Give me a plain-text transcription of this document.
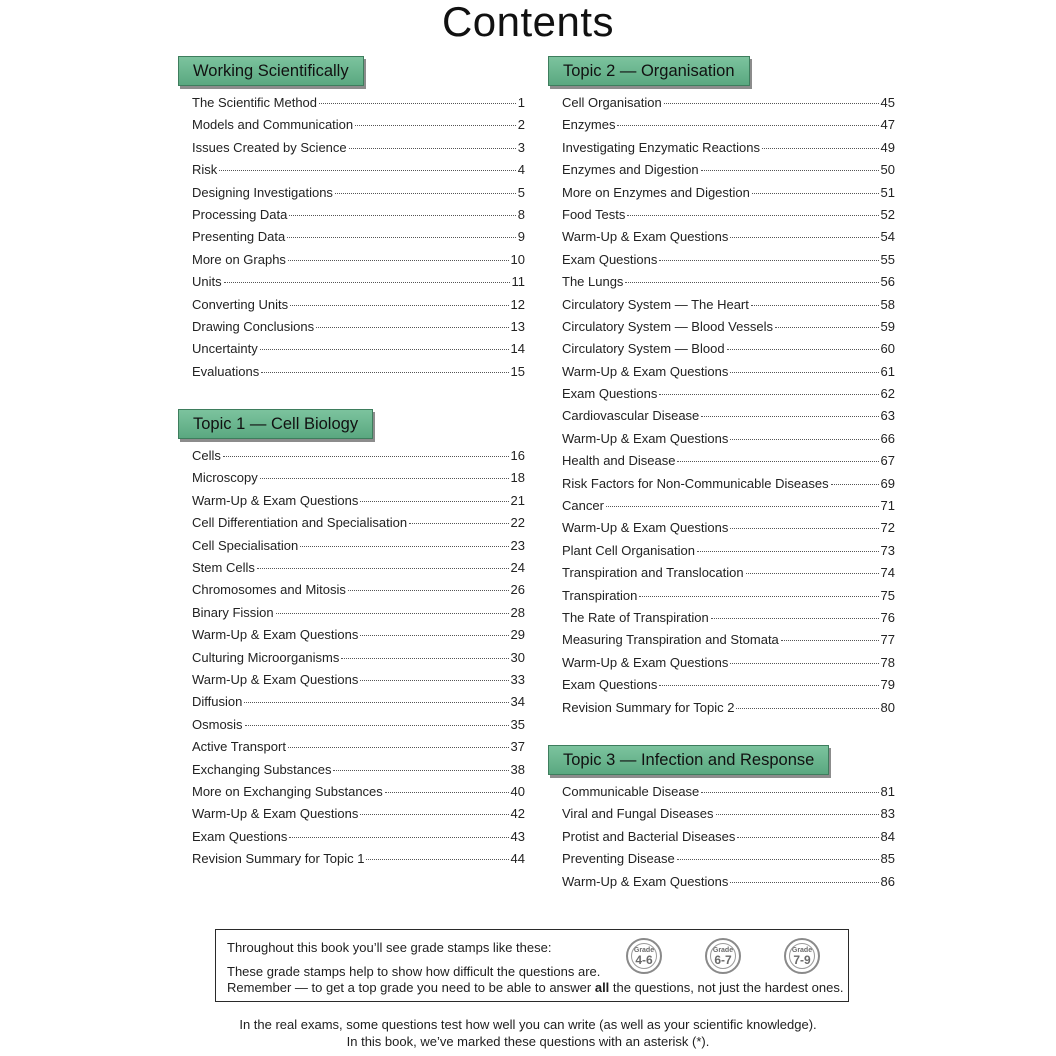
Contents
Working Scientifically
The Scientific Method	1
Models and Communication	2
Issues Created by Science	3
Risk	4
Designing Investigations	5
Processing Data	8
Presenting Data	9
More on Graphs	10
Units	11
Converting Units	12
Drawing Conclusions	13
Uncertainty	14
Evaluations	15
Topic 1 — Cell Biology
Cells	16
Microscopy	18
Warm-Up & Exam Questions	21
Cell Differentiation and Specialisation	22
Cell Specialisation	23
Stem Cells	24
Chromosomes and Mitosis	26
Binary Fission	28
Warm-Up & Exam Questions	29
Culturing Microorganisms	30
Warm-Up & Exam Questions	33
Diffusion	34
Osmosis	35
Active Transport	37
Exchanging Substances	38
More on Exchanging Substances	40
Warm-Up & Exam Questions	42
Exam Questions	43
Revision Summary for Topic 1	44
Topic 2 — Organisation
Cell Organisation	45
Enzymes	47
Investigating Enzymatic Reactions	49
Enzymes and Digestion	50
More on Enzymes and Digestion	51
Food Tests	52
Warm-Up & Exam Questions	54
Exam Questions	55
The Lungs	56
Circulatory System — The Heart	58
Circulatory System — Blood Vessels	59
Circulatory System — Blood	60
Warm-Up & Exam Questions	61
Exam Questions	62
Cardiovascular Disease	63
Warm-Up & Exam Questions	66
Health and Disease	67
Risk Factors for Non-Communicable Diseases	69
Cancer	71
Warm-Up & Exam Questions	72
Plant Cell Organisation	73
Transpiration and Translocation	74
Transpiration	75
The Rate of Transpiration	76
Measuring Transpiration and Stomata	77
Warm-Up & Exam Questions	78
Exam Questions	79
Revision Summary for Topic 2	80
Topic 3 — Infection and Response
Communicable Disease	81
Viral and Fungal Diseases	83
Protist and Bacterial Diseases	84
Preventing Disease	85
Warm-Up & Exam Questions	86
Throughout this book you’ll see grade stamps like these:
These grade stamps help to show how difficult the questions are.
Remember — to get a top grade you need to be able to answer all the questions, not just the hardest ones.
Grade
4-6
Grade
6-7
Grade
7-9
In the real exams, some questions test how well you can write (as well as your scientific knowledge).
In this book, we’ve marked these questions with an asterisk (*).
